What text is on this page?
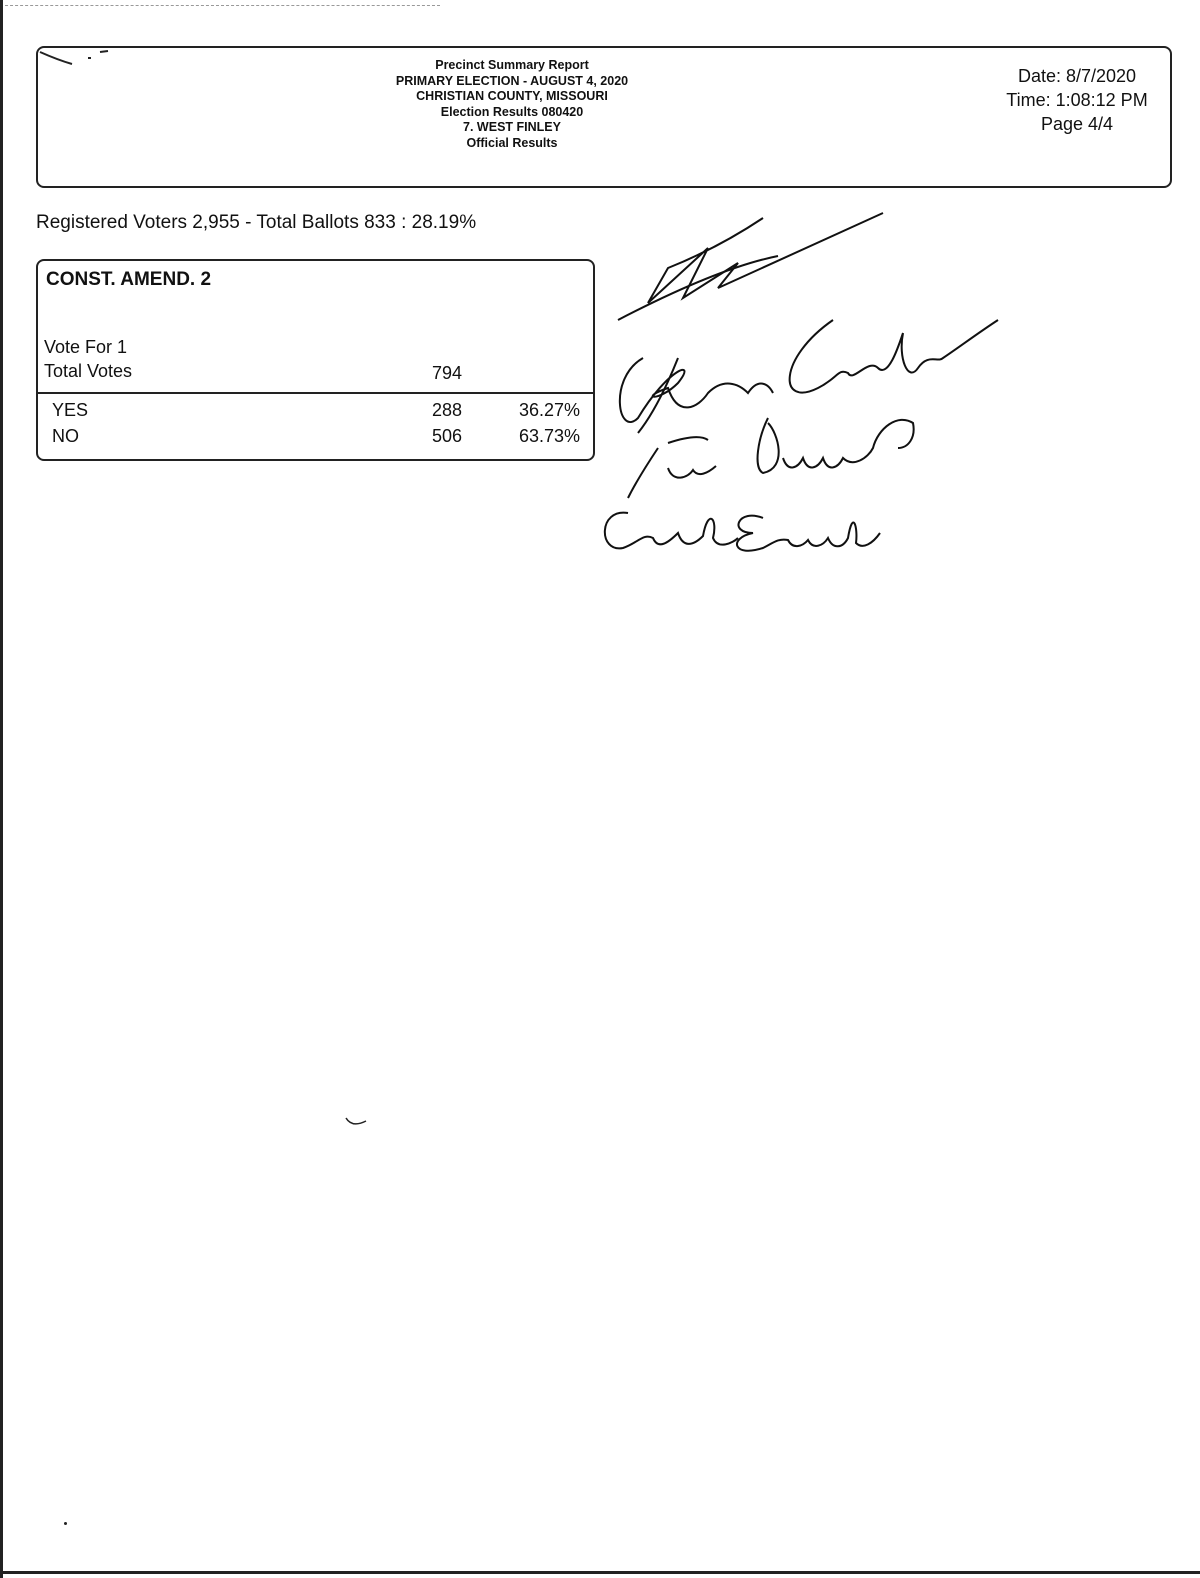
Precinct Summary Report
PRIMARY ELECTION - AUGUST 4, 2020
CHRISTIAN COUNTY, MISSOURI
Election Results 080420
7. WEST FINLEY
Official Results
Date: 8/7/2020
Time: 1:08:12 PM
Page 4/4
Registered Voters 2,955 - Total Ballots 833 : 28.19%
CONST. AMEND. 2
Vote For 1
Total Votes	794
YES	288	36.27%
NO	506	63.73%
